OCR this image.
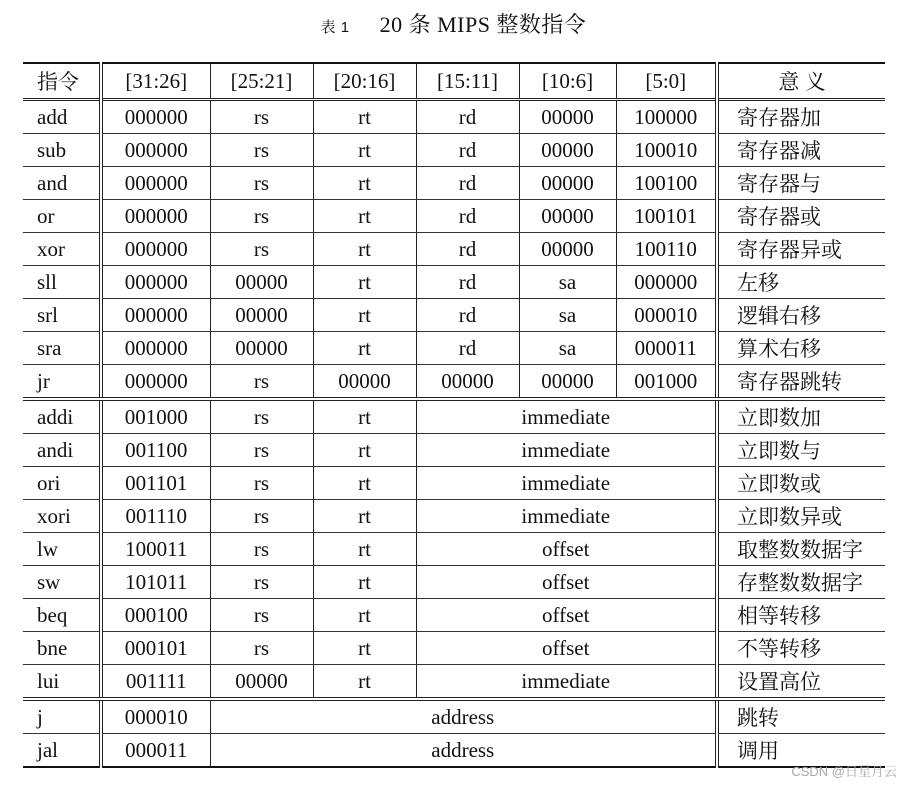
表 1 20 条 MIPS 整数指令
指令	[31:26]	[25:21]	[20:16]	[15:11]	[10:6]	[5:0]	意 义
add	000000	rs	rt	rd	00000	100000	寄存器加
sub	000000	rs	rt	rd	00000	100010	寄存器减
and	000000	rs	rt	rd	00000	100100	寄存器与
or	000000	rs	rt	rd	00000	100101	寄存器或
xor	000000	rs	rt	rd	00000	100110	寄存器异或
sll	000000	00000	rt	rd	sa	000000	左移
srl	000000	00000	rt	rd	sa	000010	逻辑右移
sra	000000	00000	rt	rd	sa	000011	算术右移
jr	000000	rs	00000	00000	00000	001000	寄存器跳转
addi	001000	rs	rt	immediate			立即数加
andi	001100	rs	rt	immediate			立即数与
ori	001101	rs	rt	immediate			立即数或
xori	001110	rs	rt	immediate			立即数异或
lw	100011	rs	rt	offset			取整数数据字
sw	101011	rs	rt	offset			存整数数据字
beq	000100	rs	rt	offset			相等转移
bne	000101	rs	rt	offset			不等转移
lui	001111	00000	rt	immediate			设置高位
j	000010	address					跳转
jal	000011	address					调用
CSDN @日星月云
